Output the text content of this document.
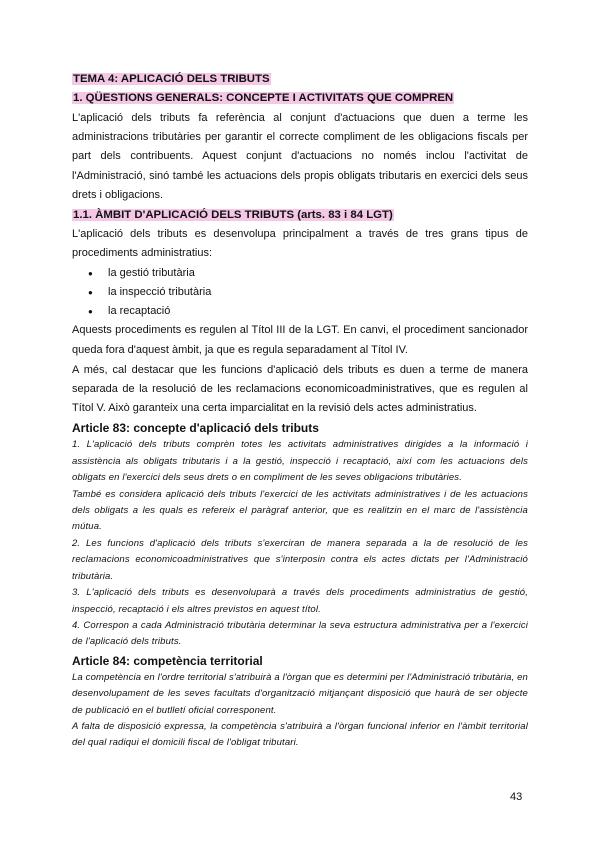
TEMA 4: APLICACIÓ DELS TRIBUTS
1. QÜESTIONS GENERALS: CONCEPTE I ACTIVITATS QUE COMPREN

L'aplicació dels tributs fa referència al conjunt d'actuacions que duen a terme les administracions tributàries per garantir el correcte compliment de les obligacions fiscals per part dels contribuents. Aquest conjunt d'actuacions no només inclou l'activitat de l'Administració, sinó també les actuacions dels propis obligats tributaris en exercici dels seus drets i obligacions.

1.1. ÀMBIT D'APLICACIÓ DELS TRIBUTS (arts. 83 i 84 LGT)

L'aplicació dels tributs es desenvolupa principalment a través de tres grans tipus de procediments administratius:

● la gestió tributària
● la inspecció tributària
● la recaptació

Aquests procediments es regulen al Títol III de la LGT. En canvi, el procediment sancionador queda fora d'aquest àmbit, ja que es regula separadament al Títol IV.

A més, cal destacar que les funcions d'aplicació dels tributs es duen a terme de manera separada de la resolució de les reclamacions economicoadministratives, que es regulen al Títol V. Això garanteix una certa imparcialitat en la revisió dels actes administratius.

Article 83: concepte d'aplicació dels tributs

1. L'aplicació dels tributs comprèn totes les activitats administratives dirigides a la informació i assistència als obligats tributaris i a la gestió, inspecció i recaptació, així com les actuacions dels obligats en l'exercici dels seus drets o en compliment de les seves obligacions tributàries.

També es considera aplicació dels tributs l'exercici de les activitats administratives i de les actuacions dels obligats a les quals es refereix el paràgraf anterior, que es realitzin en el marc de l'assistència mútua.

2. Les funcions d'aplicació dels tributs s'exerciran de manera separada a la de resolució de les reclamacions economicoadministratives que s'interposin contra els actes dictats per l'Administració tributària.

3. L'aplicació dels tributs es desenvoluparà a través dels procediments administratius de gestió, inspecció, recaptació i els altres previstos en aquest títol.

4. Correspon a cada Administració tributària determinar la seva estructura administrativa per a l'exercici de l'aplicació dels tributs.

Article 84: competència territorial

La competència en l'ordre territorial s'atribuirà a l'òrgan que es determini per l'Administració tributària, en desenvolupament de les seves facultats d'organització mitjançant disposició que haurà de ser objecte de publicació en el butlletí oficial corresponent.

A falta de disposició expressa, la competència s'atribuirà a l'òrgan funcional inferior en l'àmbit territorial del qual radiqui el domicili fiscal de l'obligat tributari.

43
